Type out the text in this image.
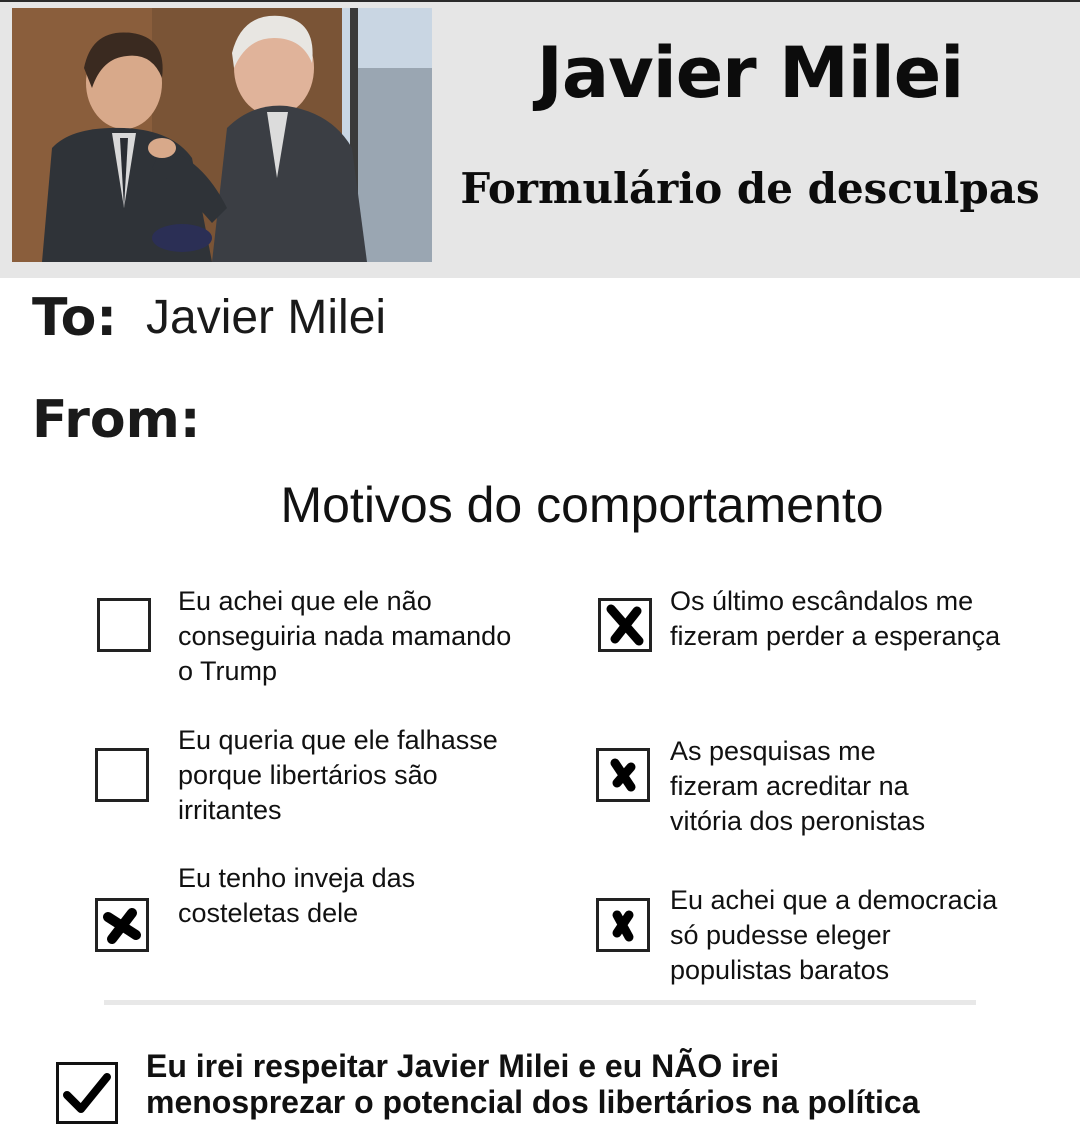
Javier Milei
Formulário de desculpas
To: Javier Milei
From:
Motivos do comportamento
Eu achei que ele não
conseguiria nada mamando
o Trump
Os último escândalos me
fizeram perder a esperança
Eu queria que ele falhasse
porque libertários são
irritantes
As pesquisas me
fizeram acreditar na
vitória dos peronistas
Eu tenho inveja das
costeletas dele	Eu achei que a democracia
só pudesse eleger
populistas baratos
Eu irei respeitar Javier Milei e eu NÃO irei
menosprezar o potencial dos libertários na política
